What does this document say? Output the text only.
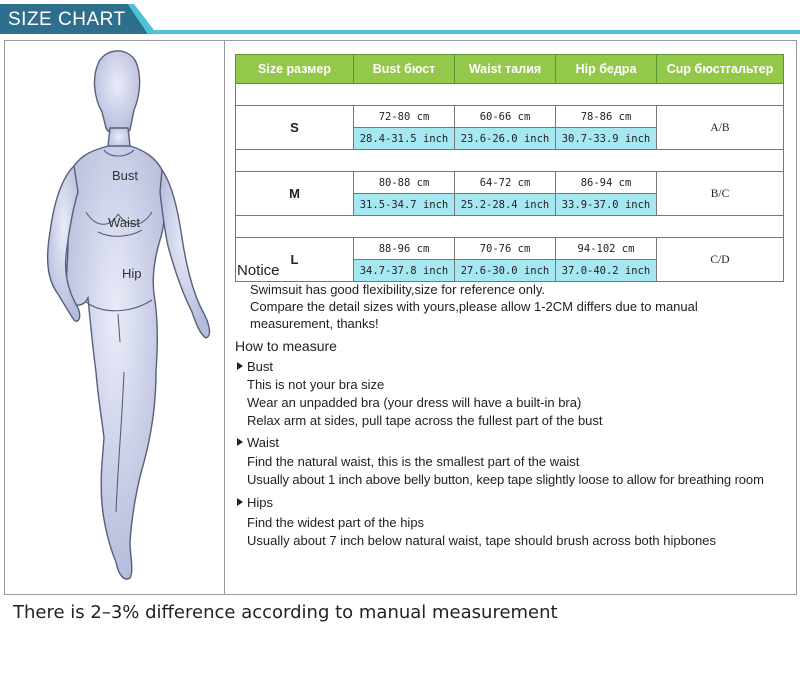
SIZE CHART
Bust
Waist
Hip
Size размер	Bust бюст	Waist талия	Hip бедра	Cup бюстгальтер

S	72-80 cm	60-66 cm	78-86 cm	A/B
	28.4-31.5 inch	23.6-26.0 inch	30.7-33.9 inch	

M	80-88 cm	64-72 cm	86-94 cm	B/C
	31.5-34.7 inch	25.2-28.4 inch	33.9-37.0 inch	

L	88-96 cm	70-76 cm	94-102 cm	C/D
	34.7-37.8 inch	27.6-30.0 inch	37.0-40.2 inch	
Notice
Swimsuit has good flexibility,size for reference only.
Compare the detail sizes with yours,please allow 1-2CM differs due to manual
measurement, thanks!
How to measure
Bust
This is not your bra size
Wear an unpadded bra (your dress will have a built-in bra)
Relax arm at sides, pull tape across the fullest part of the bust
Waist
Find the natural waist, this is the smallest part of the waist
Usually about 1 inch above belly button, keep tape slightly loose to allow for breathing room
Hips
Find the widest part of the hips
Usually about 7 inch below natural waist, tape should brush across both hipbones
There is 2–3% difference according to manual measurement
